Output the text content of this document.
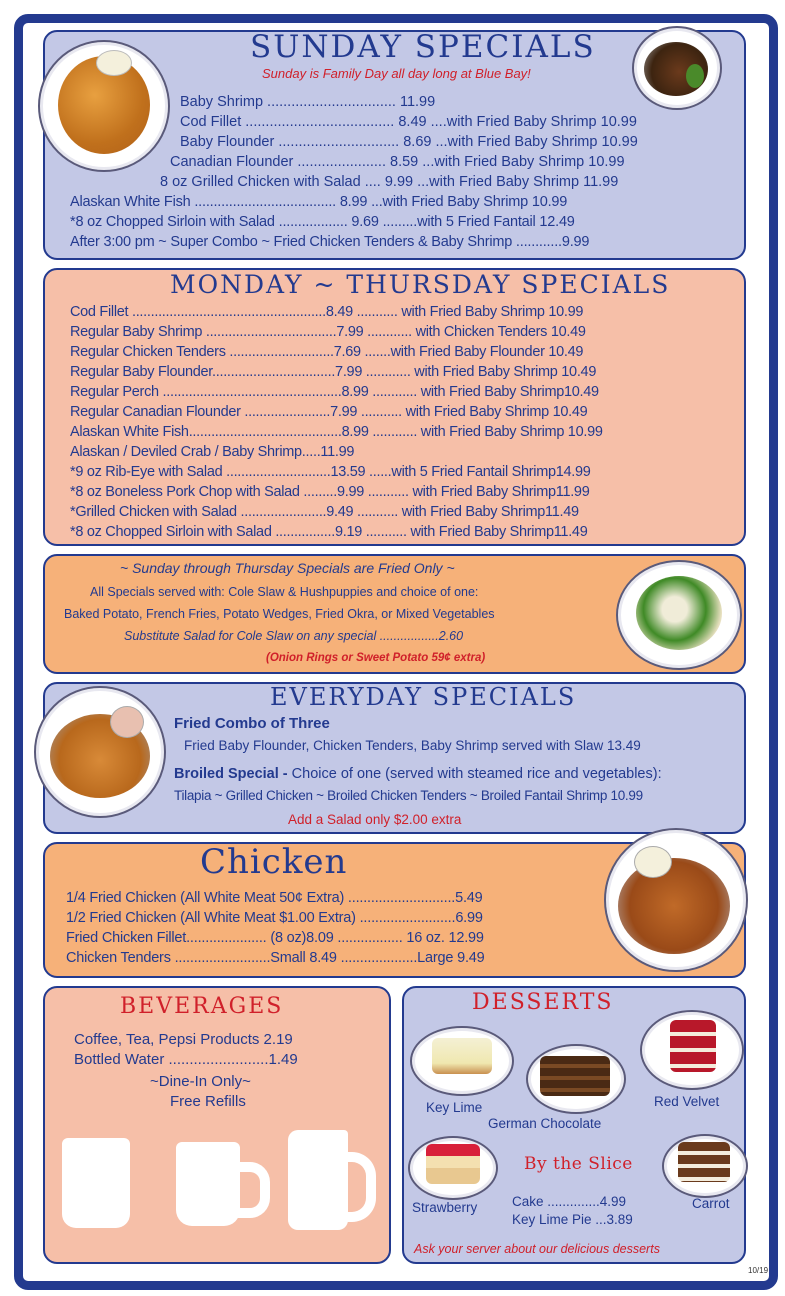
SUNDAY SPECIALS
Sunday is Family Day all day long at Blue Bay!
Baby Shrimp ................................ 11.99
Cod Fillet ..................................... 8.49 ....with Fried Baby Shrimp 10.99
Baby Flounder .............................. 8.69 ...with Fried Baby Shrimp 10.99
Canadian Flounder ...................... 8.59 ...with Fried Baby Shrimp 10.99
8 oz Grilled Chicken with Salad .... 9.99 ...with Fried Baby Shrimp 11.99
Alaskan White Fish ..................................... 8.99 ...with Fried Baby Shrimp 10.99
*8 oz Chopped Sirloin with Salad .................. 9.69 .........with 5 Fried Fantail 12.49
After 3:00 pm ~ Super Combo ~ Fried Chicken Tenders & Baby Shrimp ............9.99
MONDAY ~ THURSDAY SPECIALS
Cod Fillet ....................................................8.49 ........... with Fried Baby Shrimp 10.99
Regular Baby Shrimp ...................................7.99 ............ with Chicken Tenders 10.49
Regular Chicken Tenders ............................7.69 .......with Fried Baby Flounder 10.49
Regular Baby Flounder.................................7.99 ............ with Fried Baby Shrimp 10.49
Regular Perch ................................................8.99 ............ with Fried Baby Shrimp10.49
Regular Canadian Flounder .......................7.99 ........... with Fried Baby Shrimp 10.49
Alaskan White Fish.........................................8.99 ............ with Fried Baby Shrimp 10.99
Alaskan / Deviled Crab / Baby Shrimp.....11.99
*9 oz Rib-Eye with Salad ............................13.59 ......with 5 Fried Fantail Shrimp14.99
*8 oz Boneless Pork Chop with Salad .........9.99 ........... with Fried Baby Shrimp11.99
*Grilled Chicken with Salad .......................9.49 ........... with Fried Baby Shrimp11.49
*8 oz Chopped Sirloin with Salad ................9.19 ........... with Fried Baby Shrimp11.49
~ Sunday through Thursday Specials are Fried Only ~
All Specials served with: Cole Slaw & Hushpuppies and choice of one:
Baked Potato, French Fries, Potato Wedges, Fried Okra, or Mixed Vegetables
Substitute Salad for Cole Slaw on any special .................2.60
(Onion Rings or Sweet Potato 59¢ extra)
EVERYDAY SPECIALS
Fried Combo of Three
Fried Baby Flounder, Chicken Tenders, Baby Shrimp served with Slaw 13.49
Broiled Special - Choice of one (served with steamed rice and vegetables):
Tilapia ~ Grilled Chicken ~ Broiled Chicken Tenders ~ Broiled Fantail Shrimp 10.99
Add a Salad only $2.00 extra
Chicken
1/4 Fried Chicken (All White Meat 50¢ Extra) ............................5.49
1/2 Fried Chicken (All White Meat $1.00 Extra) .........................6.99
Fried Chicken Fillet..................... (8 oz)8.09 ................. 16 oz. 12.99
Chicken Tenders .........................Small 8.49 ....................Large 9.49
BEVERAGES
Coffee, Tea, Pepsi Products 2.19
Bottled Water ........................1.49
~Dine-In Only~
Free Refills
DESSERTS
Key Lime
German Chocolate
Red Velvet
Strawberry	Carrot
By the Slice
Cake ..............4.99
Key Lime Pie ...3.89
Ask your server about our delicious desserts
10/19
